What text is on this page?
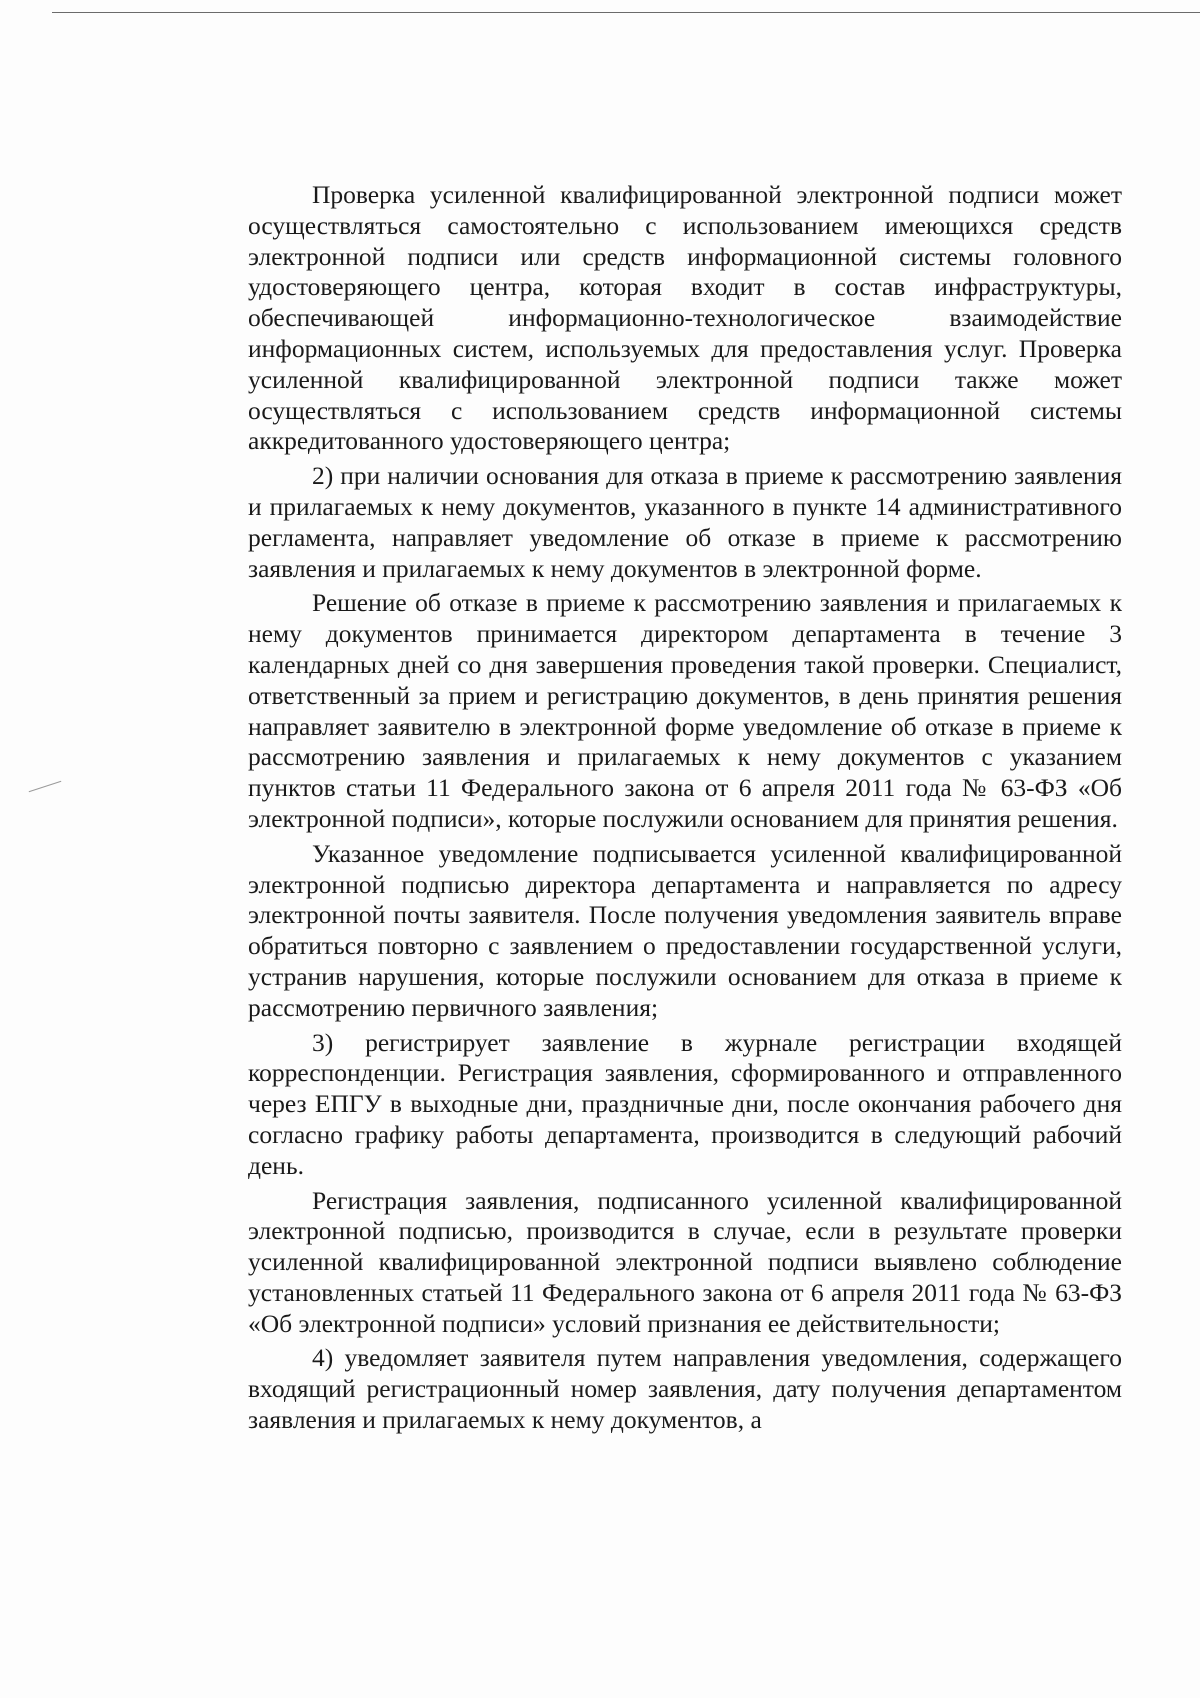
Проверка усиленной квалифицированной электронной подписи может осуществляться самостоятельно с использованием имеющихся средств электронной подписи или средств информационной системы головного удостоверяющего центра, которая входит в состав инфраструктуры, обеспечивающей информационно-технологическое взаимодействие информационных систем, используемых для предоставления услуг. Проверка усиленной квалифицированной электронной подписи также может осуществляться с использованием средств информационной системы аккредитованного удостоверяющего центра;

2) при наличии основания для отказа в приеме к рассмотрению заявления и прилагаемых к нему документов, указанного в пункте 14 административного регламента, направляет уведомление об отказе в приеме к рассмотрению заявления и прилагаемых к нему документов в электронной форме.

Решение об отказе в приеме к рассмотрению заявления и прилагаемых к нему документов принимается директором департамента в течение 3 календарных дней со дня завершения проведения такой проверки. Специалист, ответственный за прием и регистрацию документов, в день принятия решения направляет заявителю в электронной форме уведомление об отказе в приеме к рассмотрению заявления и прилагаемых к нему документов с указанием пунктов статьи 11 Федерального закона от 6 апреля 2011 года № 63-ФЗ «Об электронной подписи», которые послужили основанием для принятия решения.

Указанное уведомление подписывается усиленной квалифицированной электронной подписью директора департамента и направляется по адресу электронной почты заявителя. После получения уведомления заявитель вправе обратиться повторно с заявлением о предоставлении государственной услуги, устранив нарушения, которые послужили основанием для отказа в приеме к рассмотрению первичного заявления;

3) регистрирует заявление в журнале регистрации входящей корреспонденции. Регистрация заявления, сформированного и отправленного через ЕПГУ в выходные дни, праздничные дни, после окончания рабочего дня согласно графику работы департамента, производится в следующий рабочий день.

Регистрация заявления, подписанного усиленной квалифицированной электронной подписью, производится в случае, если в результате проверки усиленной квалифицированной электронной подписи выявлено соблюдение установленных статьей 11 Федерального закона от 6 апреля 2011 года № 63-ФЗ «Об электронной подписи» условий признания ее действительности;

4) уведомляет заявителя путем направления уведомления, содержащего входящий регистрационный номер заявления, дату получения департаментом заявления и прилагаемых к нему документов, а
